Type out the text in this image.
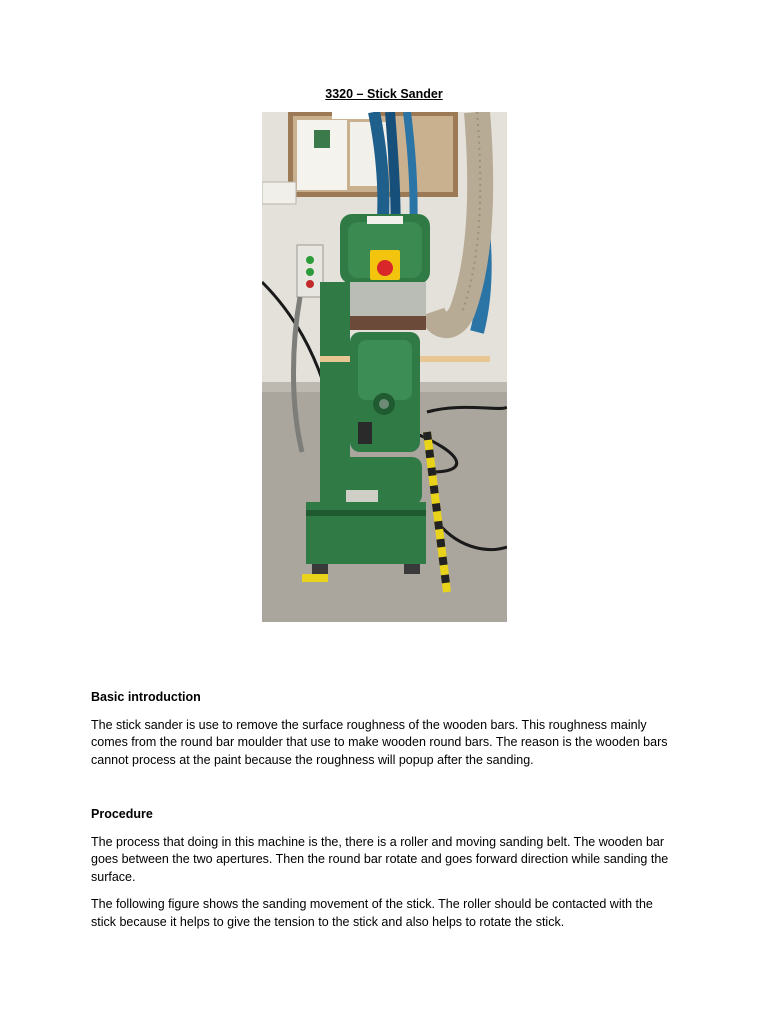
3320 – Stick Sander
Basic introduction

The stick sander is use to remove the surface roughness of the wooden bars. This roughness mainly comes from the round bar moulder that use to make wooden round bars. The reason is the wooden bars cannot process at the paint because the roughness will popup after the sanding.

Procedure

The process that doing in this machine is the, there is a roller and moving sanding belt. The wooden bar goes between the two apertures. Then the round bar rotate and goes forward direction while sanding the surface.

The following figure shows the sanding movement of the stick. The roller should be contacted with the stick because it helps to give the tension to the stick and also helps to rotate the stick.
